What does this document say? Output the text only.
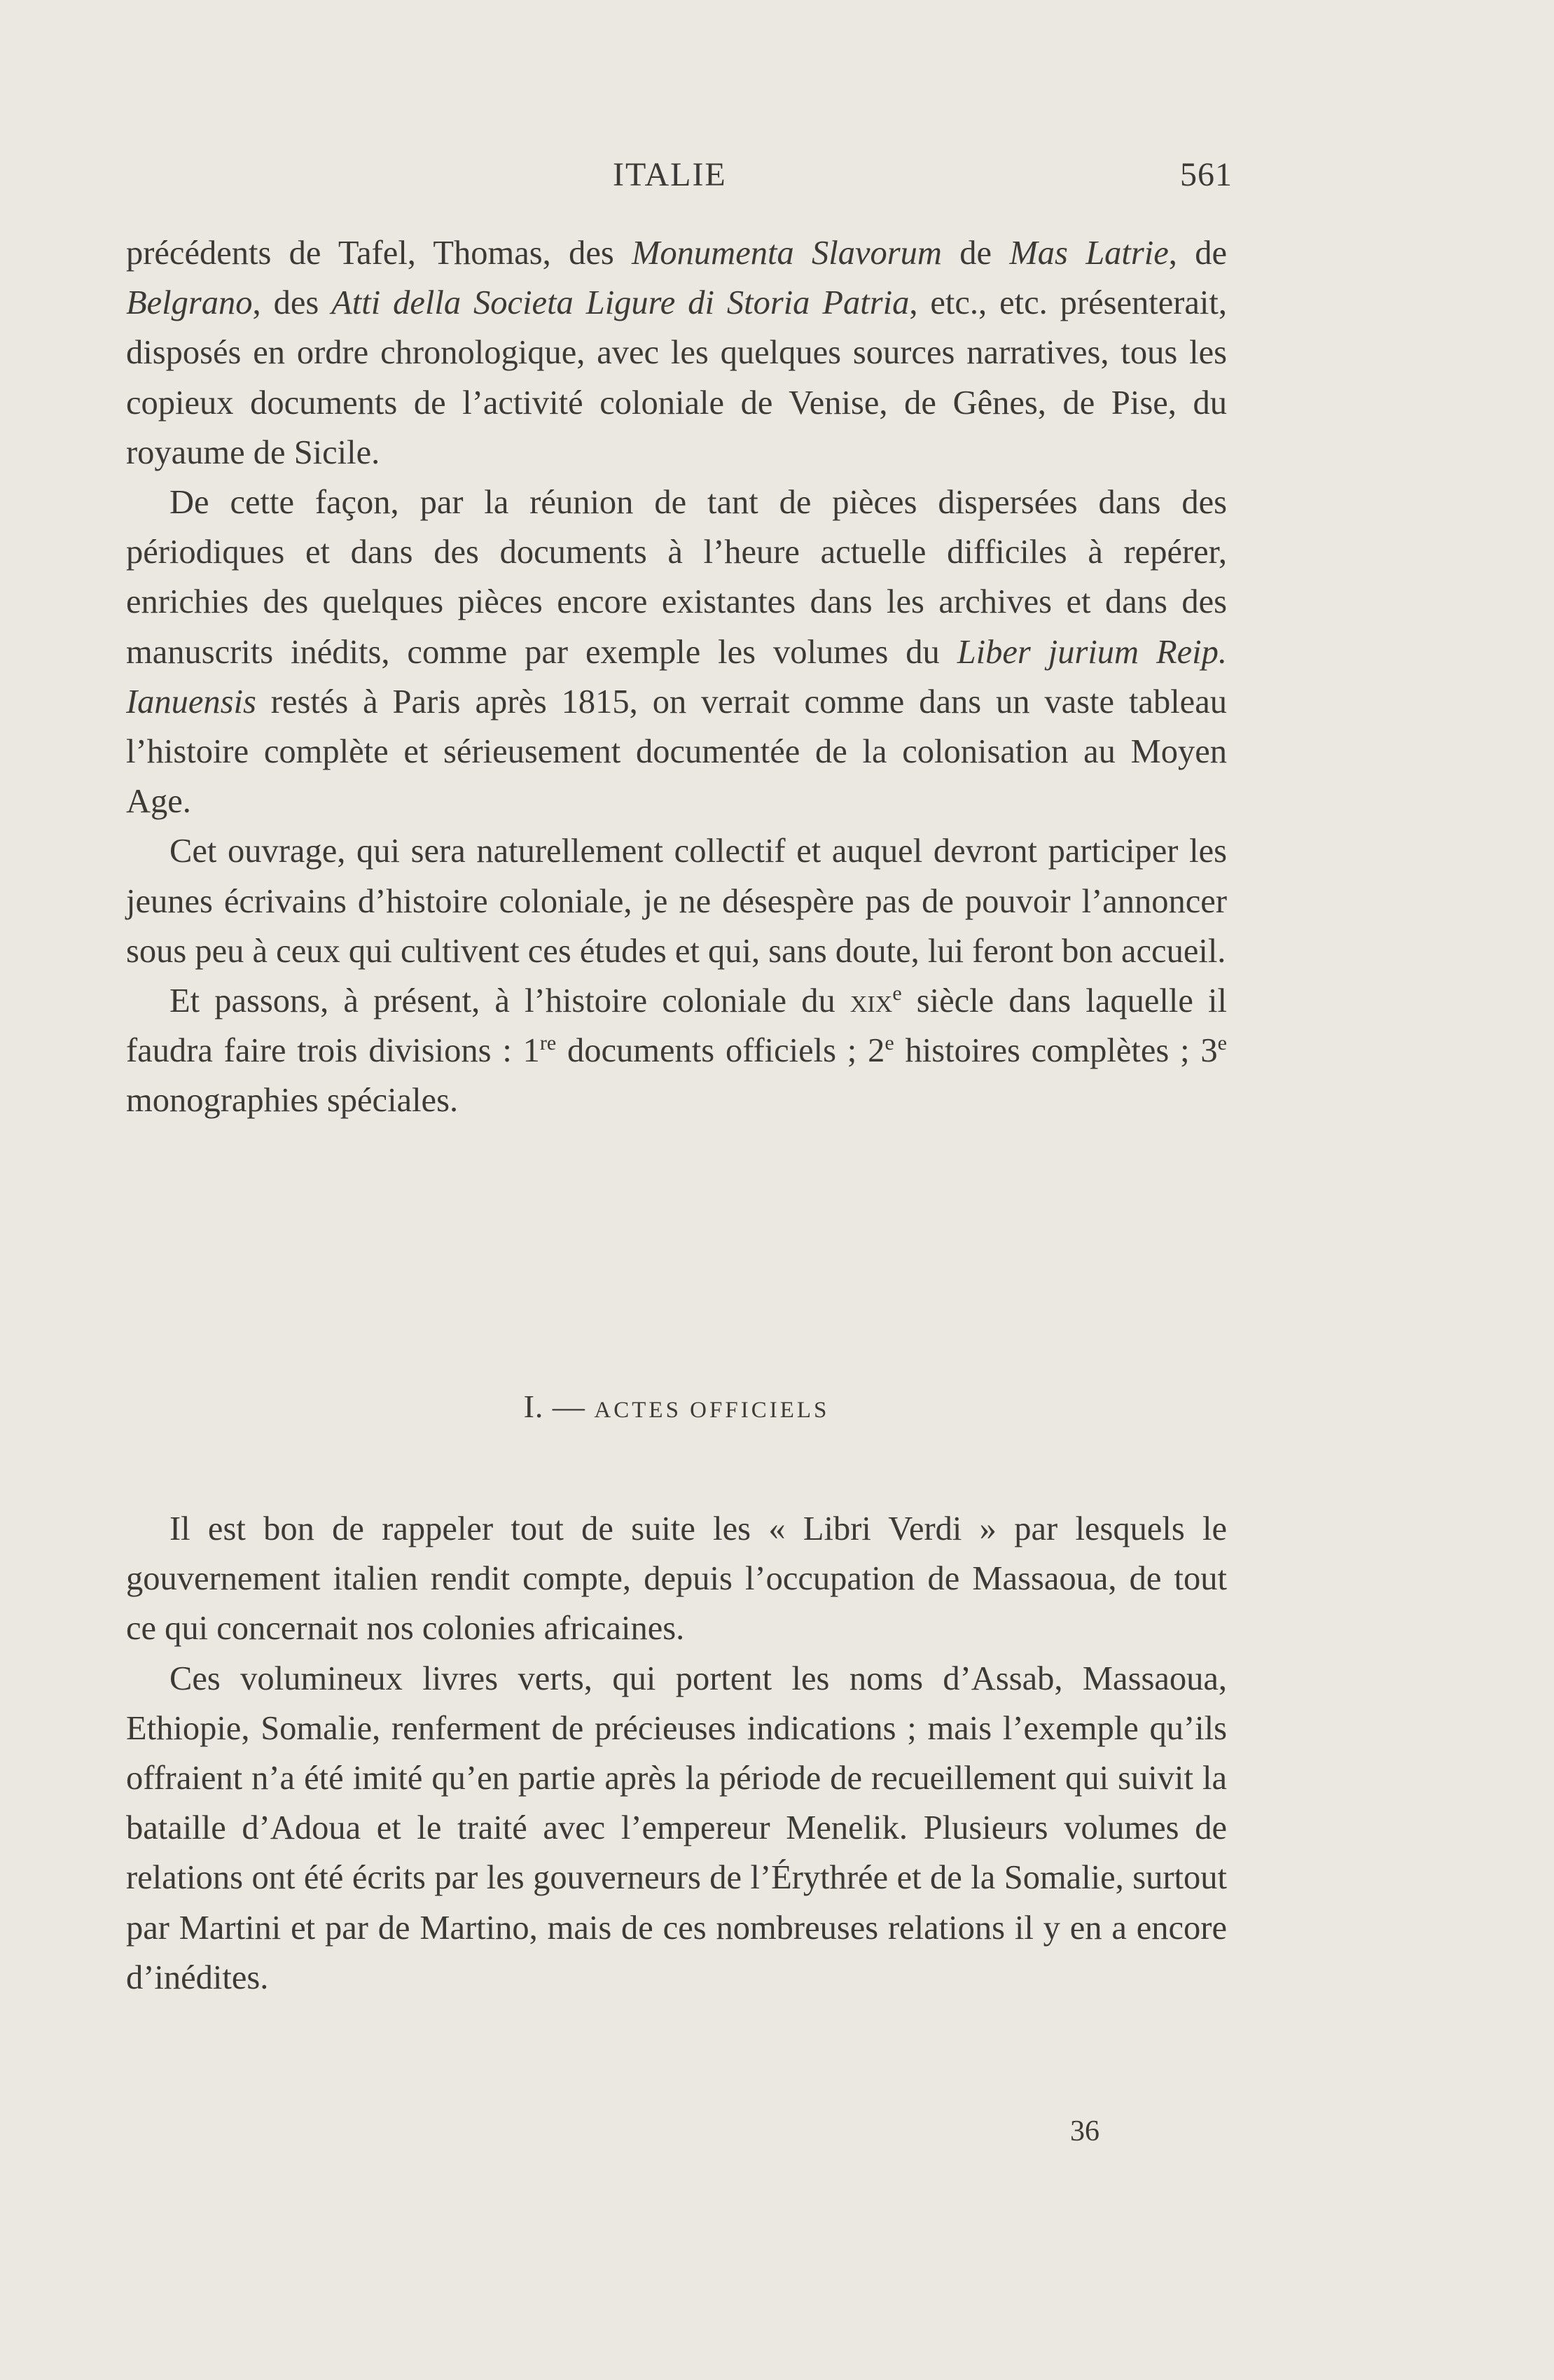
ITALIE	561

précédents de Tafel, Thomas, des Monumenta Slavorum de Mas Latrie, de Belgrano, des Atti della Societa Ligure di Storia Patria, etc., etc. présenterait, disposés en ordre chronologique, avec les quelques sources narratives, tous les copieux documents de l’activité coloniale de Venise, de Gênes, de Pise, du royaume de Sicile.

De cette façon, par la réunion de tant de pièces dispersées dans des périodiques et dans des documents à l’heure actuelle difficiles à repérer, enrichies des quelques pièces encore existantes dans les archives et dans des manuscrits inédits, comme par exemple les volumes du Liber jurium Reip. Ianuensis restés à Paris après 1815, on verrait comme dans un vaste tableau l’histoire complète et sérieusement documentée de la colonisation au Moyen Age.

Cet ouvrage, qui sera naturellement collectif et auquel devront participer les jeunes écrivains d’histoire coloniale, je ne désespère pas de pouvoir l’annoncer sous peu à ceux qui cultivent ces études et qui, sans doute, lui feront bon accueil.

Et passons, à présent, à l’histoire coloniale du xix$^e$ siècle dans laquelle il faudra faire trois divisions : 1re documents officiels ; 2e histoires complètes ; 3e monographies spéciales.

I. — ACTES OFFICIELS

Il est bon de rappeler tout de suite les « Libri Verdi » par lesquels le gouvernement italien rendit compte, depuis l’occupation de Massaoua, de tout ce qui concernait nos colonies africaines.

Ces volumineux livres verts, qui portent les noms d’Assab, Massaoua, Ethiopie, Somalie, renferment de précieuses indications ; mais l’exemple qu’ils offraient n’a été imité qu’en partie après la période de recueillement qui suivit la bataille d’Adoua et le traité avec l’empereur Menelik. Plusieurs volumes de relations ont été écrits par les gouverneurs de l’Érythrée et de la Somalie, surtout par Martini et par de Martino, mais de ces nombreuses relations il y en a encore d’inédites.

36
